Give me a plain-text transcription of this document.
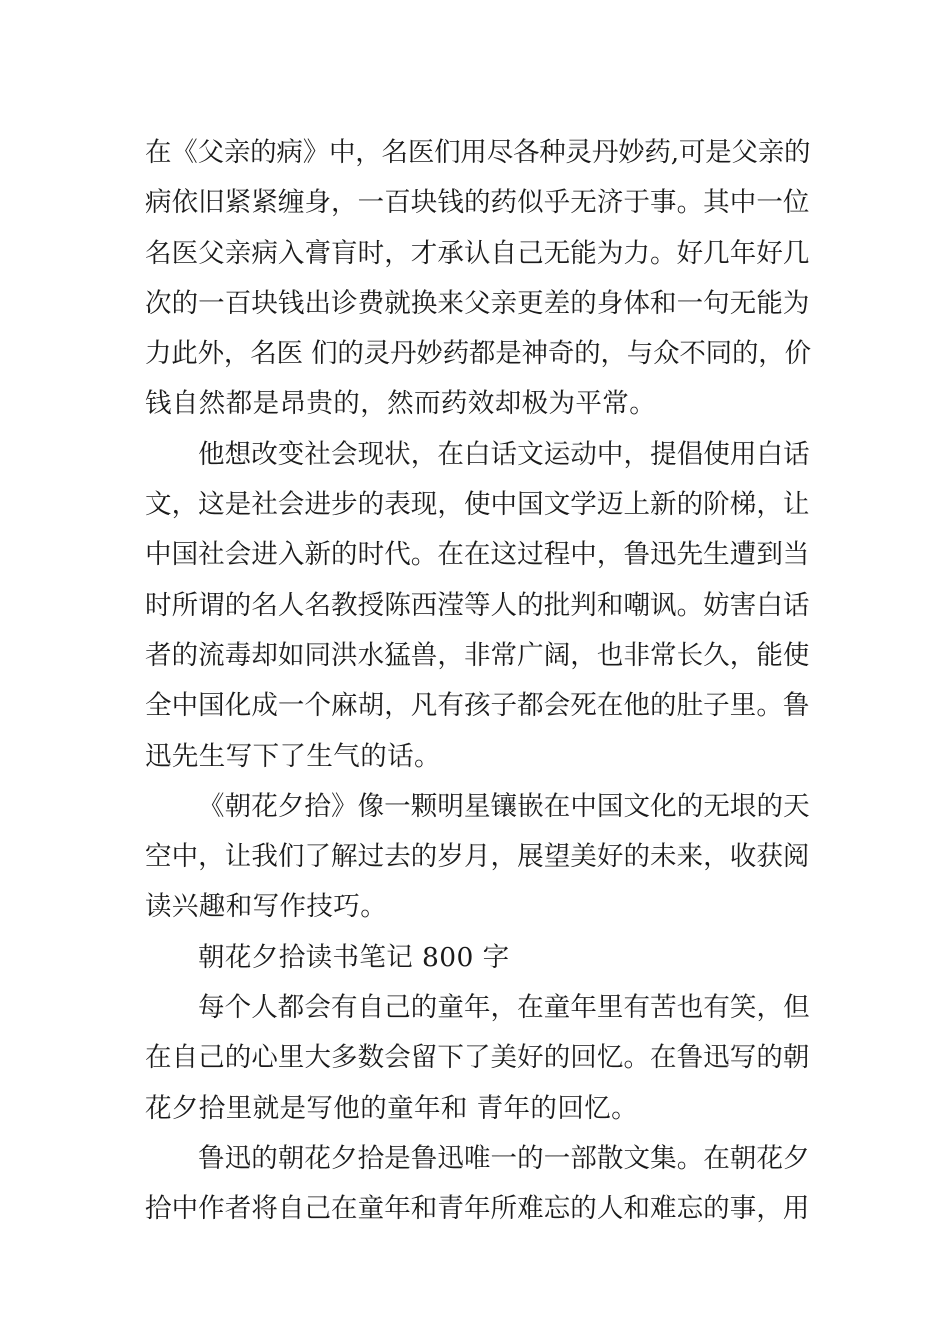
在《父亲的病》中，名医们用尽各种灵丹妙药,可是父亲的
病依旧紧紧缠身，一百块钱的药似乎无济于事。其中一位
名医父亲病入膏肓时，才承认自己无能为力。好几年好几
次的一百块钱出诊费就换来父亲更差的身体和一句无能为
力此外，名医 们的灵丹妙药都是神奇的，与众不同的，价
钱自然都是昂贵的，然而药效却极为平常。
他想改变社会现状，在白话文运动中，提倡使用白话
文，这是社会进步的表现，使中国文学迈上新的阶梯，让
中国社会进入新的时代。在在这过程中，鲁迅先生遭到当
时所谓的名人名教授陈西滢等人的批判和嘲讽。妨害白话
者的流毒却如同洪水猛兽，非常广阔，也非常长久，能使
全中国化成一个麻胡，凡有孩子都会死在他的肚子里。鲁
迅先生写下了生气的话。
《朝花夕拾》像一颗明星镶嵌在中国文化的无垠的天
空中，让我们了解过去的岁月，展望美好的未来，收获阅
读兴趣和写作技巧。
朝花夕拾读书笔记 800 字
每个人都会有自己的童年，在童年里有苦也有笑，但
在自己的心里大多数会留下了美好的回忆。在鲁迅写的朝
花夕拾里就是写他的童年和 青年的回忆。
鲁迅的朝花夕拾是鲁迅唯一的一部散文集。在朝花夕
拾中作者将自己在童年和青年所难忘的人和难忘的事，用
